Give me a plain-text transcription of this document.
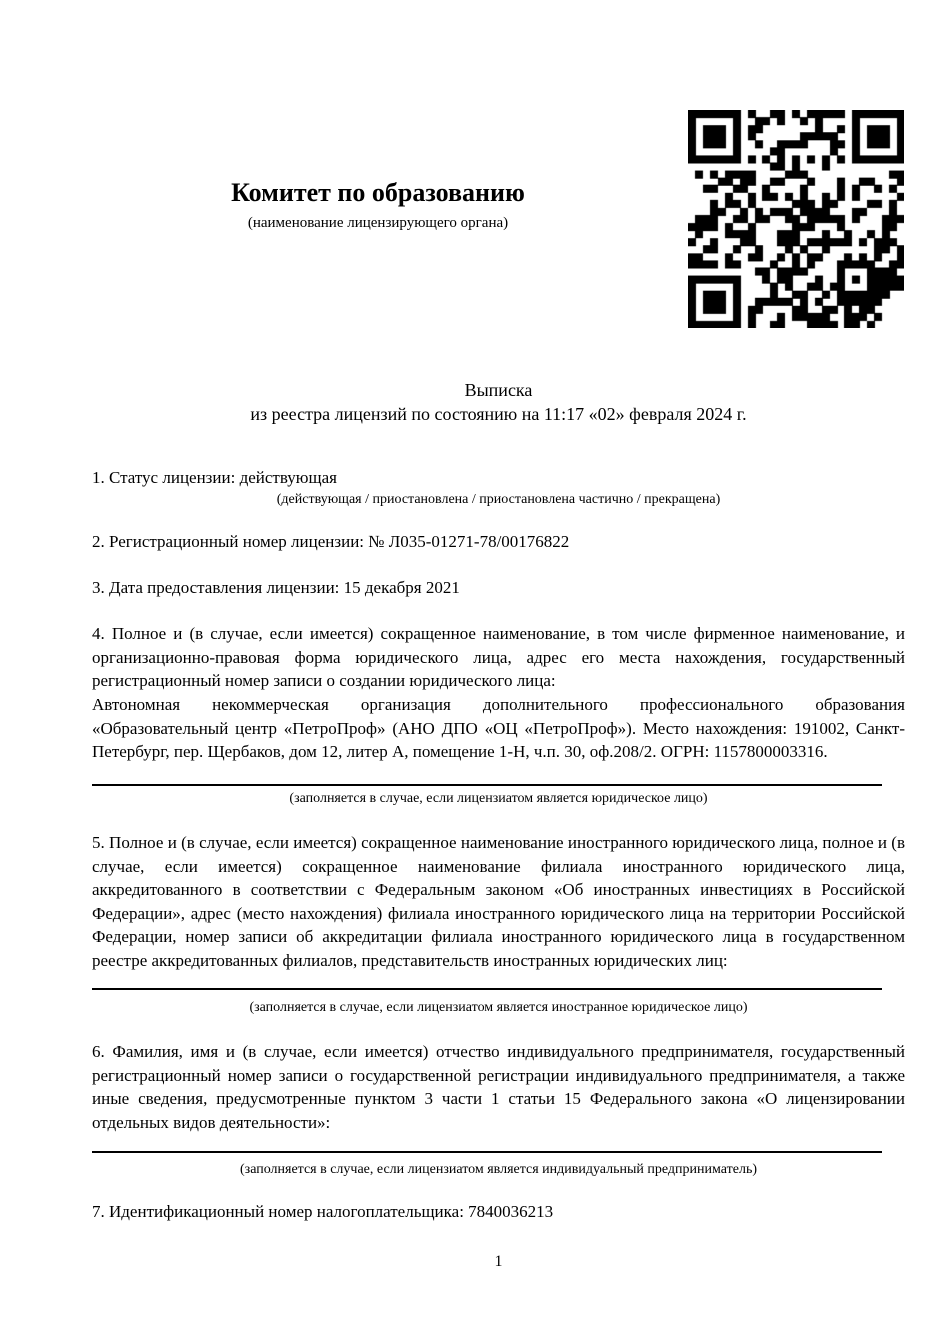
Комитет по образованию
(наименование лицензирующего органа)
Выписка
из реестра лицензий по состоянию на 11:17 «02» февраля 2024 г.
1. Статус лицензии: действующая
(действующая / приостановлена / приостановлена частично / прекращена)
2. Регистрационный номер лицензии: № Л035-01271-78/00176822
3. Дата предоставления лицензии: 15 декабря 2021
4. Полное и (в случае, если имеется) сокращенное наименование, в том числе фирменное наименование, и организационно-правовая форма юридического лица, адрес его места нахождения, государственный регистрационный номер записи о создании юридического лица:
Автономная некоммерческая организация дополнительного профессионального образования «Образовательный центр «ПетроПроф» (АНО ДПО «ОЦ «ПетроПроф»). Место нахождения: 191002, Санкт-Петербург, пер. Щербаков, дом 12, литер А, помещение 1-Н, ч.п. 30, оф.208/2. ОГРН: 1157800003316.
(заполняется в случае, если лицензиатом является юридическое лицо)
5. Полное и (в случае, если имеется) сокращенное наименование иностранного юридического лица, полное и (в случае, если имеется) сокращенное наименование филиала иностранного юридического лица, аккредитованного в соответствии с Федеральным законом «Об иностранных инвестициях в Российской Федерации», адрес (место нахождения) филиала иностранного юридического лица на территории Российской Федерации, номер записи об аккредитации филиала иностранного юридического лица в государственном реестре аккредитованных филиалов, представительств иностранных юридических лиц:
(заполняется в случае, если лицензиатом является иностранное юридическое лицо)
6. Фамилия, имя и (в случае, если имеется) отчество индивидуального предпринимателя, государственный регистрационный номер записи о государственной регистрации индивидуального предпринимателя, а также иные сведения, предусмотренные пунктом 3 части 1 статьи 15 Федерального закона «О лицензировании отдельных видов деятельности»:
(заполняется в случае, если лицензиатом является индивидуальный предприниматель)
7. Идентификационный номер налогоплательщика: 7840036213
1
